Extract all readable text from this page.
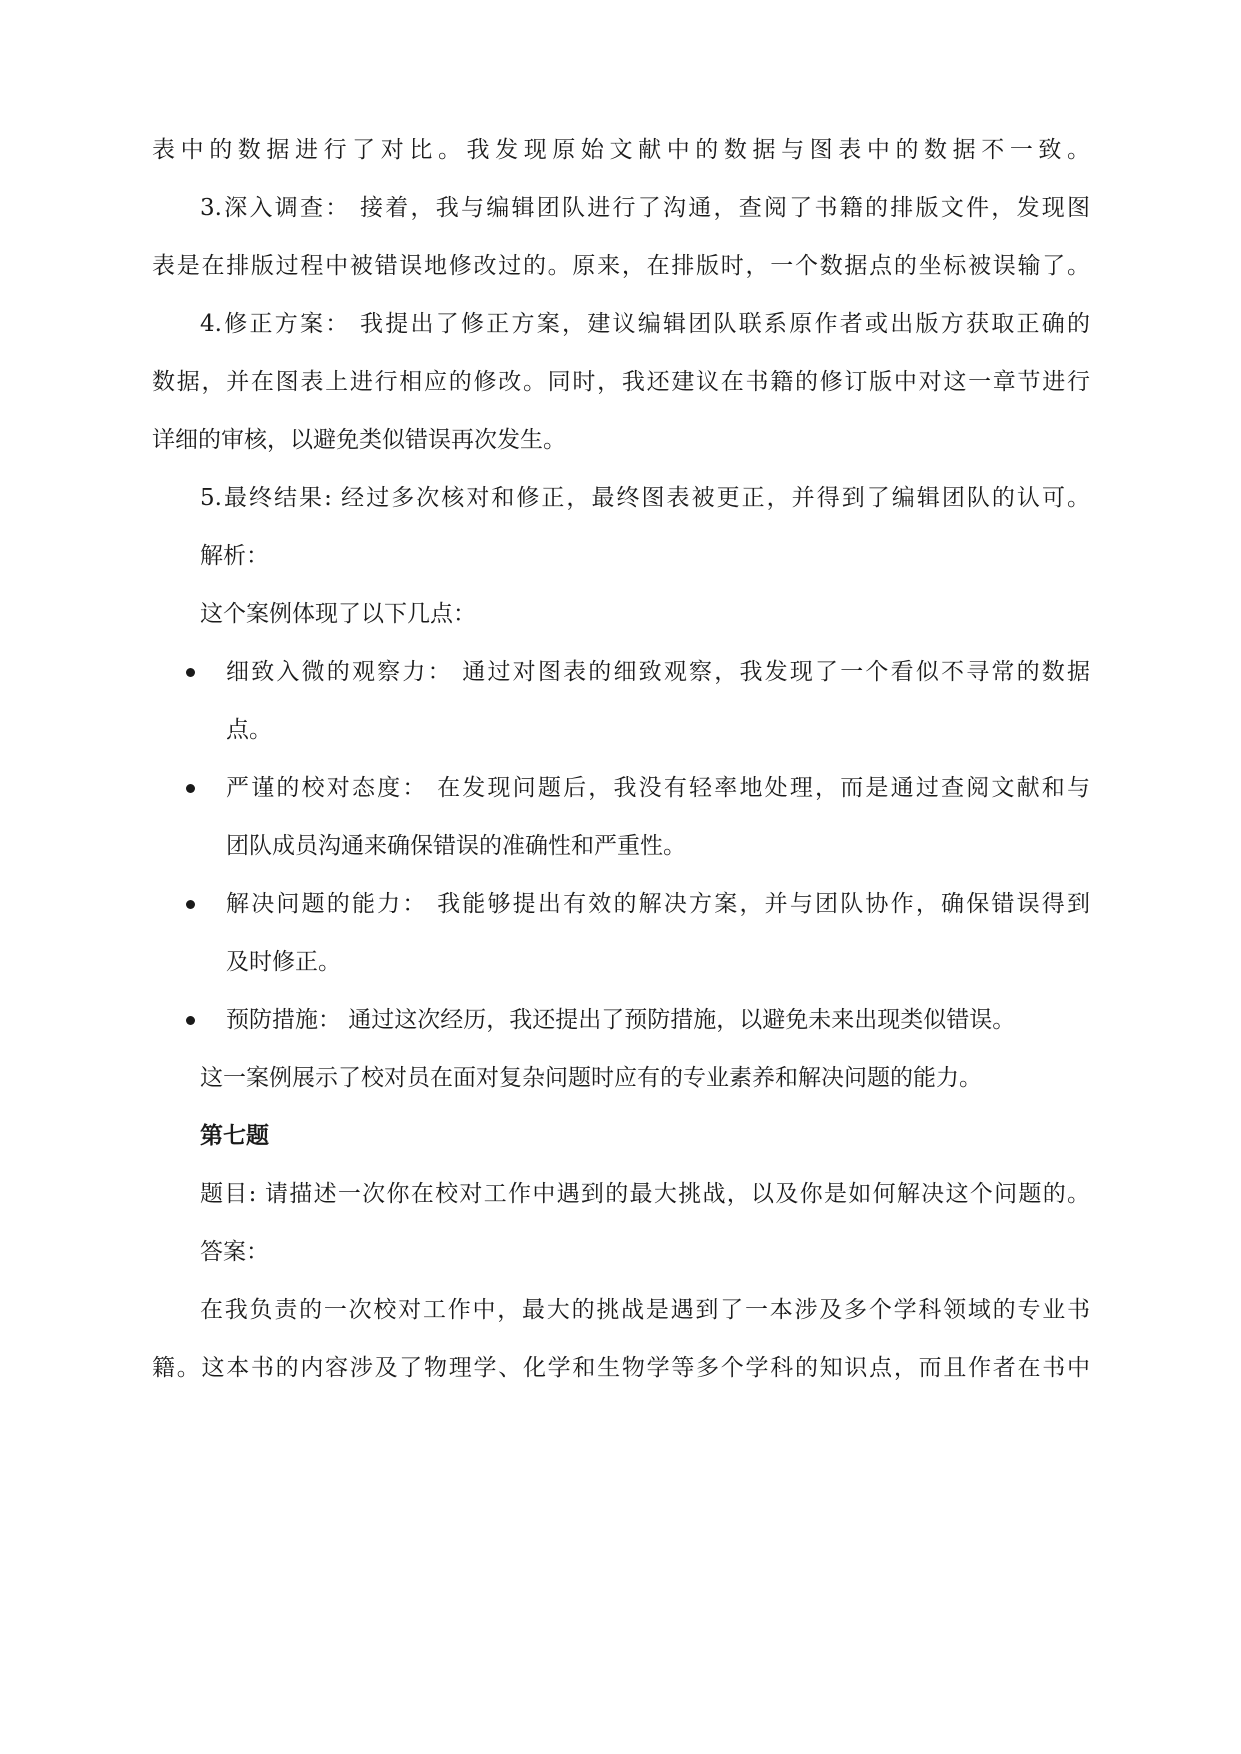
表中的数据进行了对比。我发现原始文献中的数据与图表中的数据不一致。
3.深入调查： 接着，我与编辑团队进行了沟通，查阅了书籍的排版文件，发现图
表是在排版过程中被错误地修改过的。原来，在排版时，一个数据点的坐标被误输了。
4.修正方案： 我提出了修正方案，建议编辑团队联系原作者或出版方获取正确的
数据，并在图表上进行相应的修改。同时，我还建议在书籍的修订版中对这一章节进行
详细的审核，以避免类似错误再次发生。
5.最终结果: 经过多次核对和修正，最终图表被更正，并得到了编辑团队的认可。
解析：
这个案例体现了以下几点：
细致入微的观察力： 通过对图表的细致观察，我发现了一个看似不寻常的数据
点。
严谨的校对态度： 在发现问题后，我没有轻率地处理，而是通过查阅文献和与
团队成员沟通来确保错误的准确性和严重性。
解决问题的能力： 我能够提出有效的解决方案，并与团队协作，确保错误得到
及时修正。
预防措施： 通过这次经历，我还提出了预防措施，以避免未来出现类似错误。
这一案例展示了校对员在面对复杂问题时应有的专业素养和解决问题的能力。
第七题
题目: 请描述一次你在校对工作中遇到的最大挑战，以及你是如何解决这个问题的。
答案：
在我负责的一次校对工作中，最大的挑战是遇到了一本涉及多个学科领域的专业书
籍。这本书的内容涉及了物理学、化学和生物学等多个学科的知识点，而且作者在书中
